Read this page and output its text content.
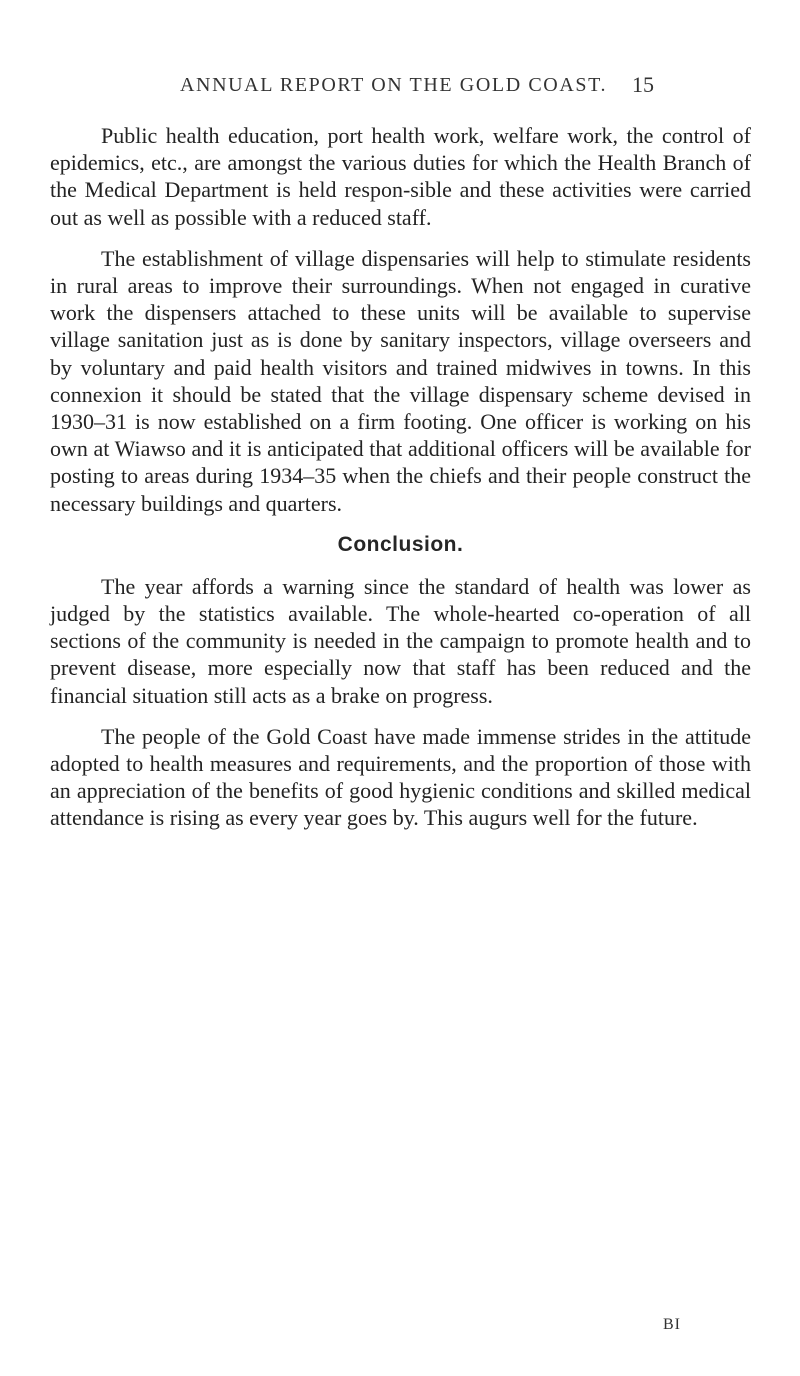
ANNUAL REPORT ON THE GOLD COAST. 15

Public health education, port health work, welfare work, the control of epidemics, etc., are amongst the various duties for which the Health Branch of the Medical Department is held respon-sible and these activities were carried out as well as possible with a reduced staff.

The establishment of village dispensaries will help to stimulate residents in rural areas to improve their surroundings. When not engaged in curative work the dispensers attached to these units will be available to supervise village sanitation just as is done by sanitary inspectors, village overseers and by voluntary and paid health visitors and trained midwives in towns. In this connexion it should be stated that the village dispensary scheme devised in 1930–31 is now established on a firm footing. One officer is working on his own at Wiawso and it is anticipated that additional officers will be available for posting to areas during 1934–35 when the chiefs and their people construct the necessary buildings and quarters.

Conclusion.

The year affords a warning since the standard of health was lower as judged by the statistics available. The whole-hearted co-operation of all sections of the community is needed in the campaign to promote health and to prevent disease, more especially now that staff has been reduced and the financial situation still acts as a brake on progress.

The people of the Gold Coast have made immense strides in the attitude adopted to health measures and requirements, and the proportion of those with an appreciation of the benefits of good hygienic conditions and skilled medical attendance is rising as every year goes by. This augurs well for the future.

BI
